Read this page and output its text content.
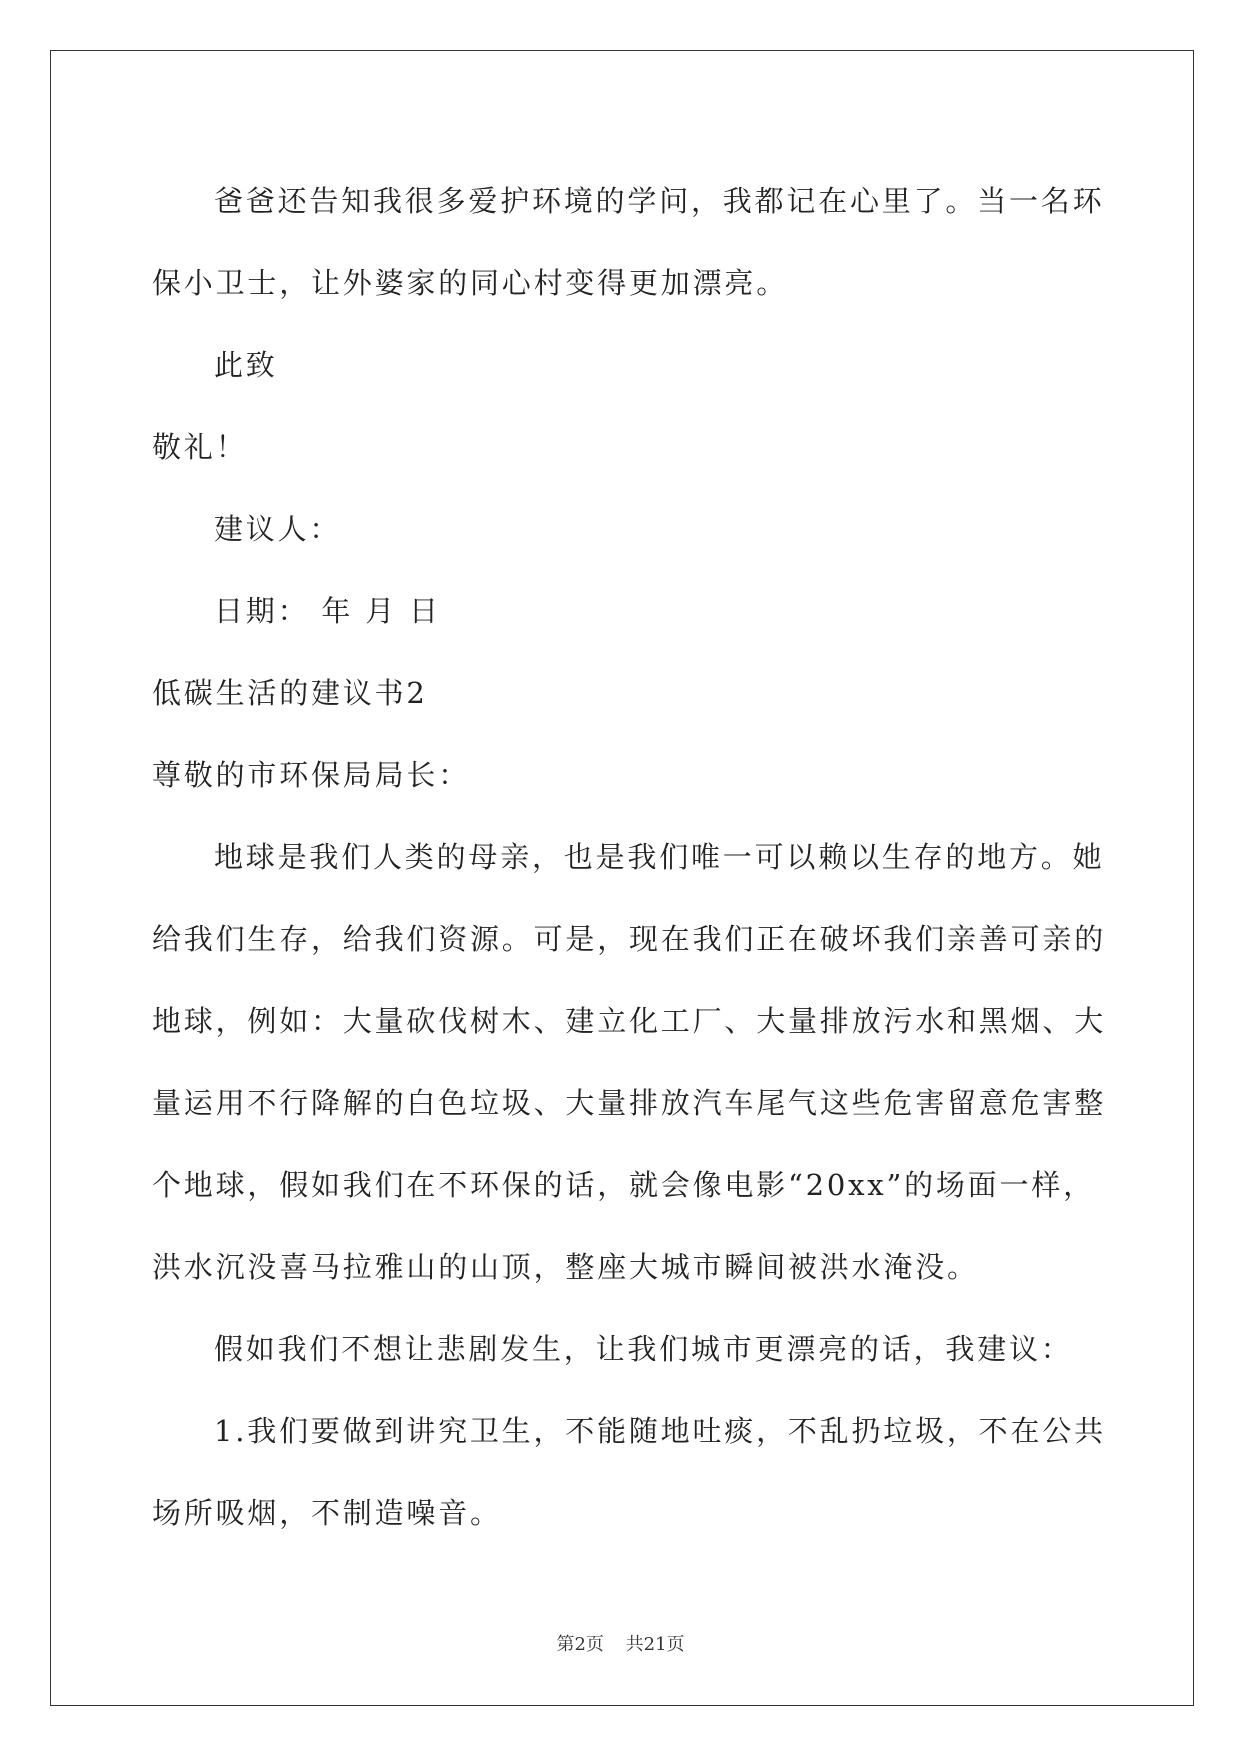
爸爸还告知我很多爱护环境的学问，我都记在心里了。当一名环

保小卫士，让外婆家的同心村变得更加漂亮。

此致

敬礼！

建议人：

日期： 年 月 日

低碳生活的建议书2

尊敬的市环保局局长：

地球是我们人类的母亲，也是我们唯一可以赖以生存的地方。她

给我们生存，给我们资源。可是，现在我们正在破坏我们亲善可亲的

地球，例如：大量砍伐树木、建立化工厂、大量排放污水和黑烟、大

量运用不行降解的白色垃圾、大量排放汽车尾气这些危害留意危害整

个地球，假如我们在不环保的话，就会像电影“20xx”的场面一样，

洪水沉没喜马拉雅山的山顶，整座大城市瞬间被洪水淹没。

假如我们不想让悲剧发生，让我们城市更漂亮的话，我建议：

1.我们要做到讲究卫生，不能随地吐痰，不乱扔垃圾，不在公共

场所吸烟，不制造噪音。

第2页 共21页
